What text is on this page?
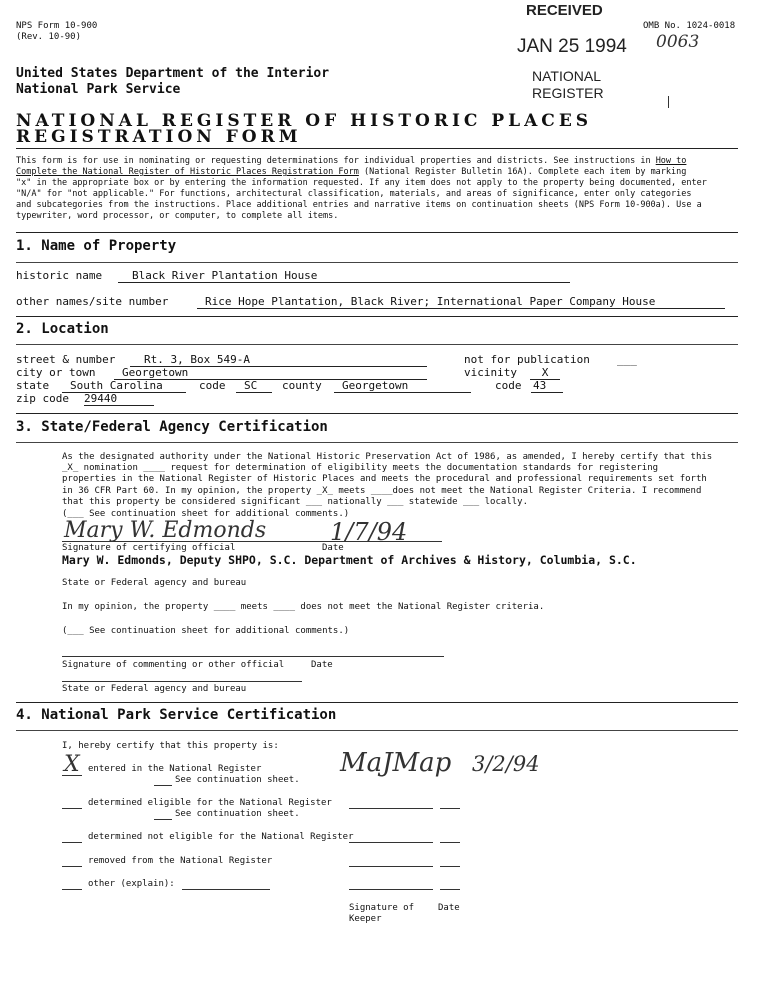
NPS Form 10-900
(Rev. 10-90)
RECEIVED
JAN 25 1994
OMB No. 1024-0018
0063
NATIONAL
REGISTER
United States Department of the Interior
National Park Service
NATIONAL REGISTER OF HISTORIC PLACES
REGISTRATION FORM
This form is for use in nominating or requesting determinations for individual properties and districts. See instructions in How to
Complete the National Register of Historic Places Registration Form (National Register Bulletin 16A). Complete each item by marking
"x" in the appropriate box or by entering the information requested. If any item does not apply to the property being documented, enter
"N/A" for "not applicable." For functions, architectural classification, materials, and areas of significance, enter only categories
and subcategories from the instructions. Place additional entries and narrative items on continuation sheets (NPS Form 10-900a). Use a
typewriter, word processor, or computer, to complete all items.
1. Name of Property
historic name	Black River Plantation House
other names/site number	Rice Hope Plantation, Black River; International Paper Company House
2. Location
street & number	Rt. 3, Box 549-A	not for publication ___
city or town	Georgetown	vicinity	X
state	South Carolina	code	SC	county	Georgetown	code 43
zip code 29440
3. State/Federal Agency Certification
As the designated authority under the National Historic Preservation Act of 1986, as amended, I hereby certify that this
_X_ nomination ____ request for determination of eligibility meets the documentation standards for registering
properties in the National Register of Historic Places and meets the procedural and professional requirements set forth
in 36 CFR Part 60. In my opinion, the property _X_ meets ____does not meet the National Register Criteria. I recommend
that this property be considered significant ___ nationally ___ statewide ___ locally.
(___ See continuation sheet for additional comments.)
Mary W. Edmonds	1/7/94
Signature of certifying official	Date
Mary W. Edmonds, Deputy SHPO, S.C. Department of Archives & History, Columbia, S.C.
State or Federal agency and bureau
In my opinion, the property ____ meets ____ does not meet the National Register criteria.
(___ See continuation sheet for additional comments.)
Signature of commenting or other official	Date
State or Federal agency and bureau
4. National Park Service Certification
I, hereby certify that this property is:
X entered in the National Register
See continuation sheet.
MaJMap 3/2/94
determined eligible for the National Register
See continuation sheet.
determined not eligible for the National Register
removed from the National Register
other (explain):
Signature of
Keeper
Date
